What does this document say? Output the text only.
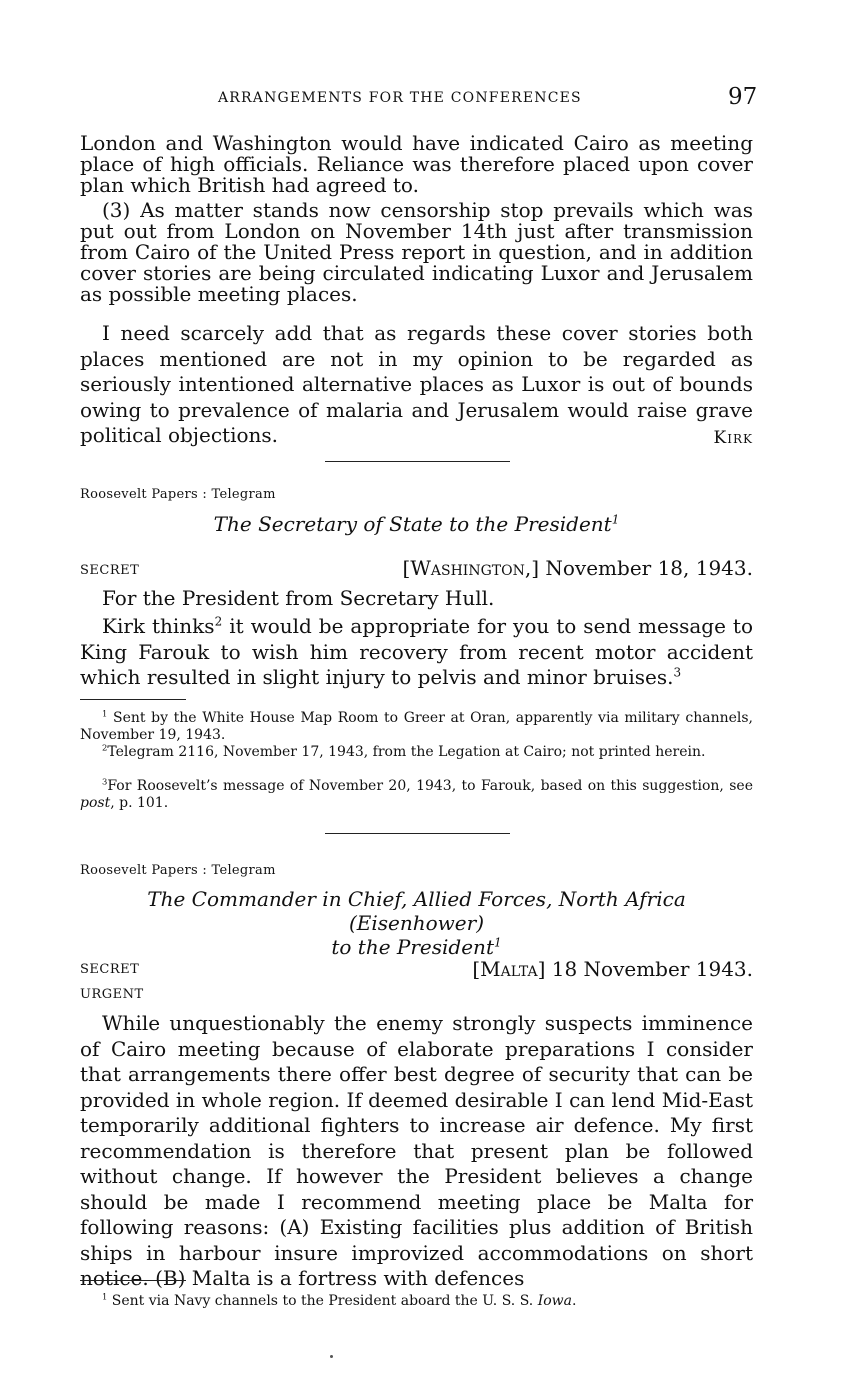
ARRANGEMENTS FOR THE CONFERENCES	97

London and Washington would have indicated Cairo as meeting place of high officials. Reliance was therefore placed upon cover plan which British had agreed to.

(3) As matter stands now censorship stop prevails which was put out from London on November 14th just after transmission from Cairo of the United Press report in question, and in addition cover stories are being circulated indicating Luxor and Jerusalem as possible meeting places.

I need scarcely add that as regards these cover stories both places mentioned are not in my opinion to be regarded as seriously intentioned alternative places as Luxor is out of bounds owing to prevalence of malaria and Jerusalem would raise grave political objections.	Kirk
Roosevelt Papers : Telegram
The Secretary of State to the President$^1$
SECRET	[Washington,] November 18, 1943.

For the President from Secretary Hull.

Kirk thinks$^2$ it would be appropriate for you to send message to King Farouk to wish him recovery from recent motor accident which resulted in slight injury to pelvis and minor bruises.$^3$

$^1$ Sent by the White House Map Room to Greer at Oran, apparently via military channels, November 19, 1943.

$^2$Telegram 2116, November 17, 1943, from the Legation at Cairo; not printed herein.

$^3$For Roosevelt’s message of November 20, 1943, to Farouk, based on this suggestion, see post, p. 101.

Roosevelt Papers : Telegram
The Commander in Chief, Allied Forces, North Africa (Eisenhower)
to the President$^1$
SECRET
URGENT
[Malta] 18 November 1943.

While unquestionably the enemy strongly suspects imminence of Cairo meeting because of elaborate preparations I consider that arrangements there offer best degree of security that can be provided in whole region. If deemed desirable I can lend Mid-East temporarily additional fighters to increase air defence. My first recommendation is therefore that present plan be followed without change. If however the President believes a change should be made I recommend meeting place be Malta for following reasons: (A) Existing facilities plus addition of British ships in harbour insure improvized accommodations on short notice. (B) Malta is a fortress with defences

$^1$ Sent via Navy channels to the President aboard the U. S. S. Iowa.
